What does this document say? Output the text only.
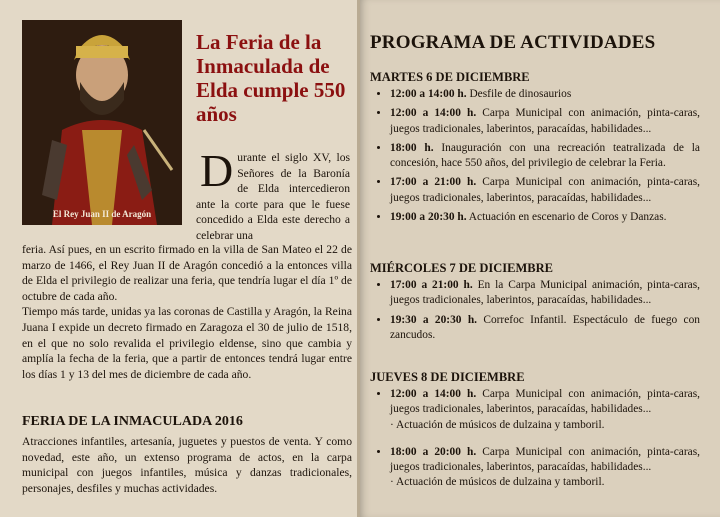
El Rey Juan II de Aragón
La Feria de la Inmaculada de Elda cumple 550 años
Durante el siglo XV, los Señores de la Baronía de Elda intercedieron ante la corte para que le fuese concedido a Elda este derecho a celebrar una

feria. Así pues, en un escrito firmado en la villa de San Mateo el 22 de marzo de 1466, el Rey Juan II de Aragón concedió a la entonces villa de Elda el privilegio de realizar una feria, que tendría lugar el día 1º de octubre de cada año.

Tiempo más tarde, unidas ya las coronas de Castilla y Aragón, la Reina Juana I expide un decreto firmado en Zaragoza el 30 de julio de 1518, en el que no solo revalida el privilegio eldense, sino que cambia y amplía la fecha de la feria, que a partir de entonces tendrá lugar entre los días 1 y 13 del mes de diciembre de cada año.

FERIA DE LA INMACULADA 2016
Atracciones infantiles, artesanía, juguetes y puestos de venta. Y como novedad, este año, un extenso programa de actos, en la carpa municipal con juegos infantiles, música y danzas tradicionales, personajes, desfiles y muchas actividades.
PROGRAMA DE ACTIVIDADES
MARTES 6 DE DICIEMBRE
• 12:00 a 14:00 h. Desfile de dinosaurios
• 12:00 a 14:00 h. Carpa Municipal con animación, pinta-caras, juegos tradicionales, laberintos, paracaídas, habilidades...
• 18:00 h. Inauguración con una recreación teatralizada de la concesión, hace 550 años, del privilegio de celebrar la Feria.
• 17:00 a 21:00 h. Carpa Municipal con animación, pinta-caras, juegos tradicionales, laberintos, paracaídas, habilidades...
• 19:00 a 20:30 h. Actuación en escenario de Coros y Danzas.
MIÉRCOLES 7 DE DICIEMBRE
• 17:00 a 21:00 h. En la Carpa Municipal animación, pinta-caras, juegos tradicionales, laberintos, paracaídas, habilidades...
• 19:30 a 20:30 h. Correfoc Infantil. Espectáculo de fuego con zancudos.
JUEVES 8 DE DICIEMBRE
• 12:00 a 14:00 h. Carpa Municipal con animación, pinta-caras, juegos tradicionales, laberintos, paracaídas, habilidades...
· Actuación de músicos de dulzaina y tamboril.
• 18:00 a 20:00 h. Carpa Municipal con animación, pinta-caras, juegos tradicionales, laberintos, paracaídas, habilidades...
· Actuación de músicos de dulzaina y tamboril.
